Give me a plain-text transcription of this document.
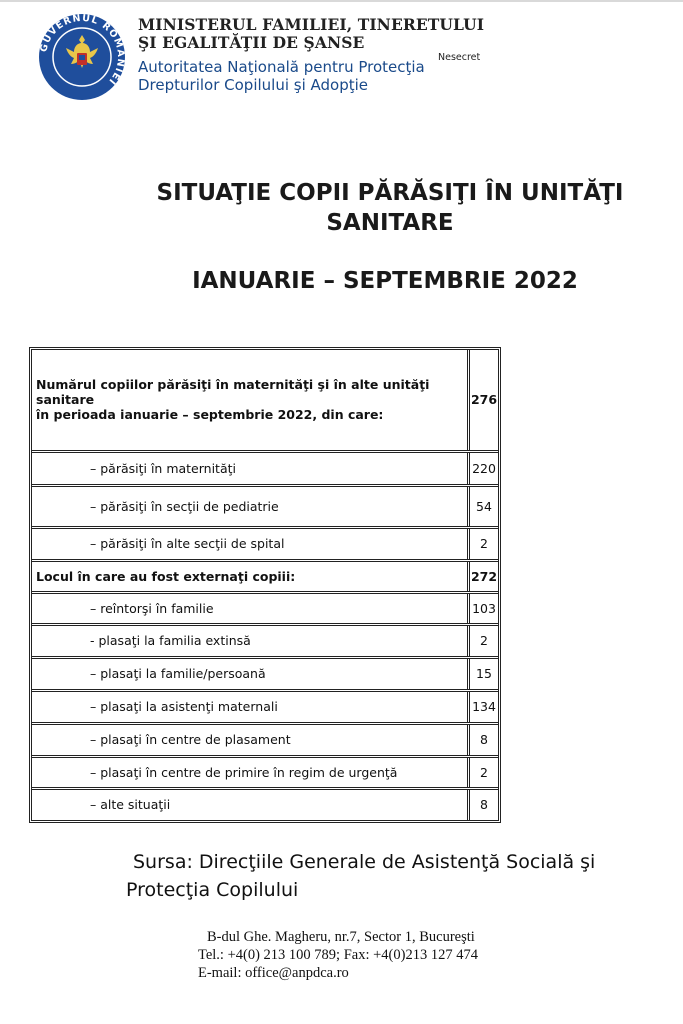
GUVERNUL ROMÂNIEI
MINISTERUL FAMILIEI, TINERETULUI
ŞI EGALITĂŢII DE ŞANSE
Autoritatea Naţională pentru Protecţia
Drepturilor Copilului şi Adopţie
Nesecret
SITUAŢIE COPII PĂRĂSIŢI ÎN UNITĂŢI
SANITARE
IANUARIE – SEPTEMBRIE 2022
Numărul copiilor părăsiţi în maternităţi şi în alte unităţi sanitare
în perioada ianuarie – septembrie 2022, din care:	276
– părăsiţi în maternităţi	220
– părăsiţi în secţii de pediatrie	54
– părăsiţi în alte secţii de spital	2
Locul în care au fost externaţi copiii:	272
– reîntorşi în familie	103
- plasaţi la familia extinsă	2
– plasaţi la familie/persoană	15
– plasaţi la asistenţi maternali	134
– plasaţi în centre de plasament	8
– plasaţi în centre de primire în regim de urgenţă	2
– alte situaţii	8
Sursa: Direcţiile Generale de Asistenţă Socială şi
Protecţia Copilului
B-dul Ghe. Magheru, nr.7, Sector 1, Bucureşti
Tel.: +4(0) 213 100 789; Fax: +4(0)213 127 474
E-mail: office@anpdca.ro
